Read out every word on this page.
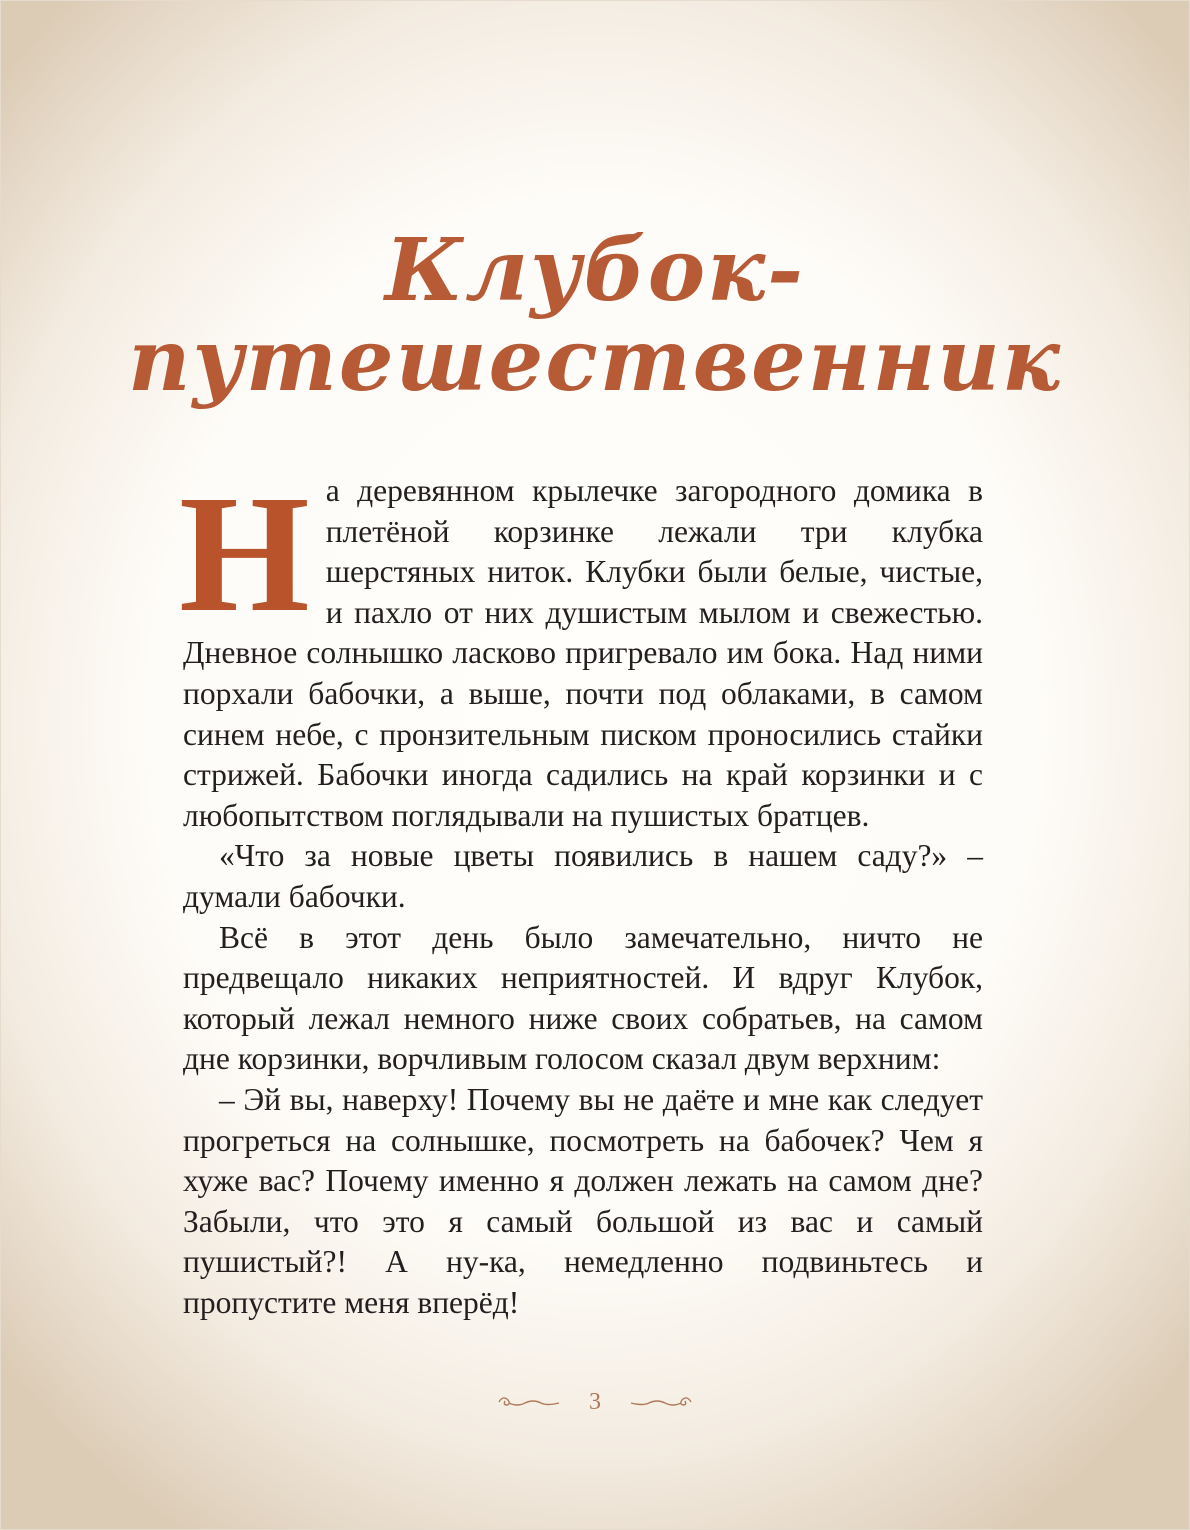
Клубок-
путешественник
Н а деревянном крылечке загородного домика в плетёной корзинке лежали три клубка шерстяных ниток. Клубки были белые, чистые, и пахло от них душистым мылом и свежестью. Дневное солнышко ласково пригревало им бока. Над ними порхали бабочки, а выше, почти под облаками, в самом синем небе, с пронзительным писком проносились стайки стрижей. Бабочки иногда садились на край корзинки и с любопытством поглядывали на пушистых братцев.

«Что за новые цветы появились в нашем саду?» – думали бабочки.

Всё в этот день было замечательно, ничто не предвещало никаких неприятностей. И вдруг Клубок, который лежал немного ниже своих собратьев, на самом дне корзинки, ворчливым голосом сказал двум верхним:

– Эй вы, наверху! Почему вы не даёте и мне как следует прогреться на солнышке, посмотреть на бабочек? Чем я хуже вас? Почему именно я должен лежать на самом дне? Забыли, что это я самый большой из вас и самый пушистый?! А ну-ка, немедленно подвиньтесь и пропустите меня вперёд!

3
